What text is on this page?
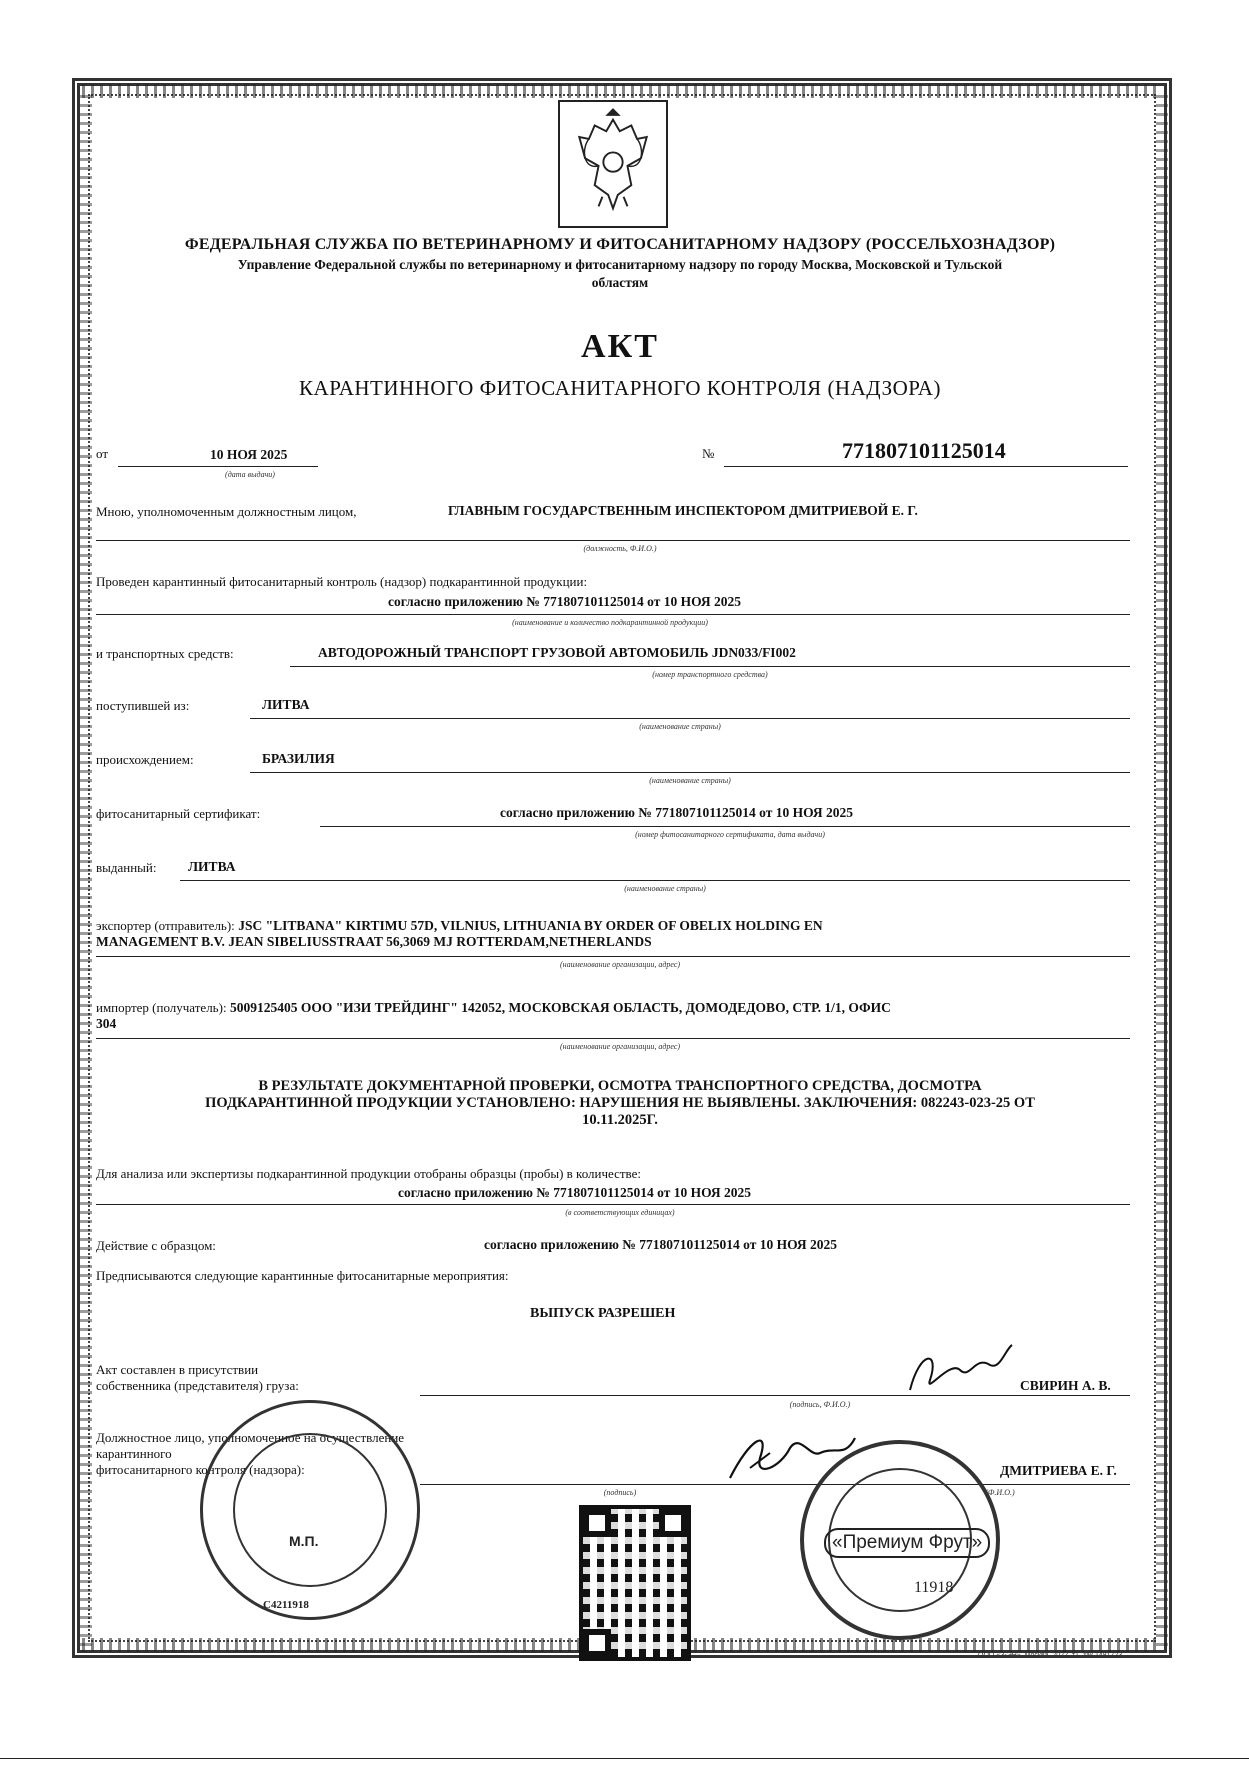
ФЕДЕРАЛЬНАЯ СЛУЖБА ПО ВЕТЕРИНАРНОМУ И ФИТОСАНИТАРНОМУ НАДЗОРУ (РОССЕЛЬХОЗНАДЗОР)
Управление Федеральной службы по ветеринарному и фитосанитарному надзору по городу Москва, Московской и Тульской
областям
АКТ
КАРАНТИННОГО ФИТОСАНИТАРНОГО КОНТРОЛЯ (НАДЗОРА)
от	10 НОЯ 2025
(дата выдачи)
№	771807101125014
Мною, уполномоченным должностным лицом,	ГЛАВНЫМ ГОСУДАРСТВЕННЫМ ИНСПЕКТОРОМ ДМИТРИЕВОЙ Е. Г.
(должность, Ф.И.О.)
Проведен карантинный фитосанитарный контроль (надзор) подкарантинной продукции:
согласно приложению № 771807101125014 от 10 НОЯ 2025
(наименование и количество подкарантинной продукции)
и транспортных средств:	АВТОДОРОЖНЫЙ ТРАНСПОРТ ГРУЗОВОЙ АВТОМОБИЛЬ JDN033/FI002
(номер транспортного средства)
поступившей из:	ЛИТВА
(наименование страны)
происхождением:	БРАЗИЛИЯ
(наименование страны)
фитосанитарный сертификат:	согласно приложению № 771807101125014 от 10 НОЯ 2025
(номер фитосанитарного сертификата, дата выдачи)
выданный: ЛИТВА
(наименование страны)
экспортер (отправитель): JSC "LITBANA" KIRTIMU 57D, VILNIUS, LITHUANIA BY ORDER OF OBELIX HOLDING EN
MANAGEMENT B.V. JEAN SIBELIUSSTRAAT 56,3069 MJ ROTTERDAM,NETHERLANDS
(наименование организации, адрес)
импортер (получатель): 5009125405 ООО "ИЗИ ТРЕЙДИНГ" 142052, МОСКОВСКАЯ ОБЛАСТЬ, ДОМОДЕДОВО, СТР. 1/1, ОФИС
304
(наименование организации, адрес)
В РЕЗУЛЬТАТЕ ДОКУМЕНТАРНОЙ ПРОВЕРКИ, ОСМОТРА ТРАНСПОРТНОГО СРЕДСТВА, ДОСМОТРА
ПОДКАРАНТИННОЙ ПРОДУКЦИИ УСТАНОВЛЕНО: НАРУШЕНИЯ НЕ ВЫЯВЛЕНЫ. ЗАКЛЮЧЕНИЯ: 082243-023-25 ОТ
10.11.2025Г.
Для анализа или экспертизы подкарантинной продукции отобраны образцы (пробы) в количестве:
согласно приложению № 771807101125014 от 10 НОЯ 2025
(в соответствующих единицах)
Действие с образцом:	согласно приложению № 771807101125014 от 10 НОЯ 2025
Предписываются следующие карантинные фитосанитарные мероприятия:
ВЫПУСК РАЗРЕШЕН
Акт составлен в присутствии
собственника (представителя) груза:	СВИРИН А. В.
(подпись, Ф.И.О.)
Должностное лицо, уполномоченное на осуществление карантинного
фитосанитарного контроля (надзора):	ДМИТРИЕВА Е. Г.
(подпись)	(Ф.И.О.)
М.П.
С4211918
«Премиум Фрут»
11918
ООО «З-ЭН», Москва, 2022, т1, зак.1481723
